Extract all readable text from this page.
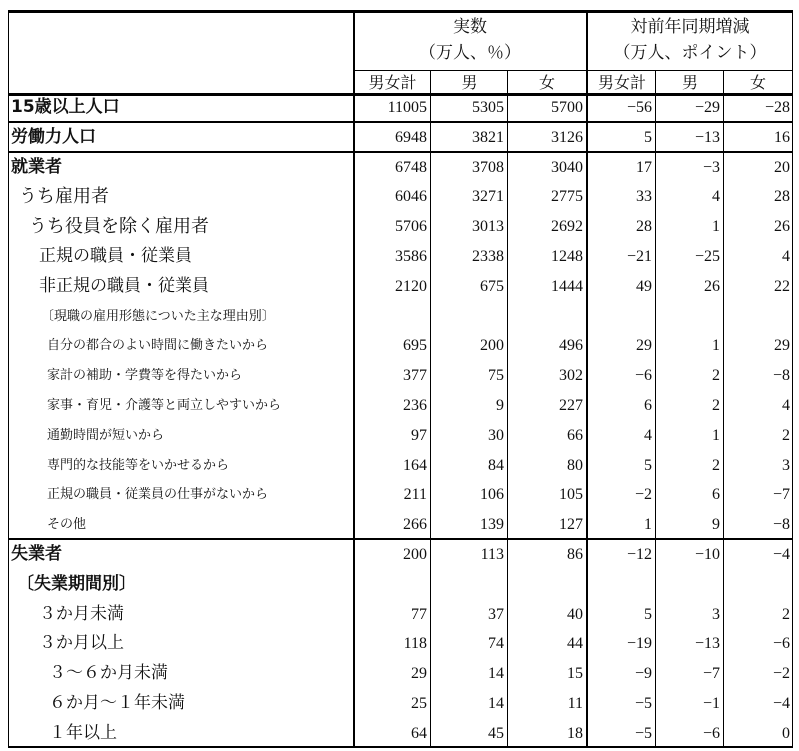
実数
（万人、％）
対前年同期増減
（万人、ポイント）
男女計	男	女	男女計	男	女
15歳以上人口	11005	5305	5700	−56	−29	−28
労働力人口	6948	3821	3126	5	−13	16
就業者	6748	3708	3040	17	−3	20
うち雇用者	6046	3271	2775	33	4	28
うち役員を除く雇用者	5706	3013	2692	28	1	26
正規の職員・従業員	3586	2338	1248	−21	−25	4
非正規の職員・従業員	2120	675	1444	49	26	22
〔現職の雇用形態についた主な理由別〕
自分の都合のよい時間に働きたいから	695	200	496	29	1	29
家計の補助・学費等を得たいから	377	75	302	−6	2	−8
家事・育児・介護等と両立しやすいから	236	9	227	6	2	4
通勤時間が短いから	97	30	66	4	1	2
専門的な技能等をいかせるから	164	84	80	5	2	3
正規の職員・従業員の仕事がないから	211	106	105	−2	6	−7
その他	266	139	127	1	9	−8
失業者	200	113	86	−12	−10	−4
〔失業期間別〕
３か月未満	77	37	40	5	3	2
３か月以上	118	74	44	−19	−13	−6
３～６か月未満	29	14	15	−9	−7	−2
６か月～１年未満	25	14	11	−5	−1	−4
１年以上	64	45	18	−5	−6	0
